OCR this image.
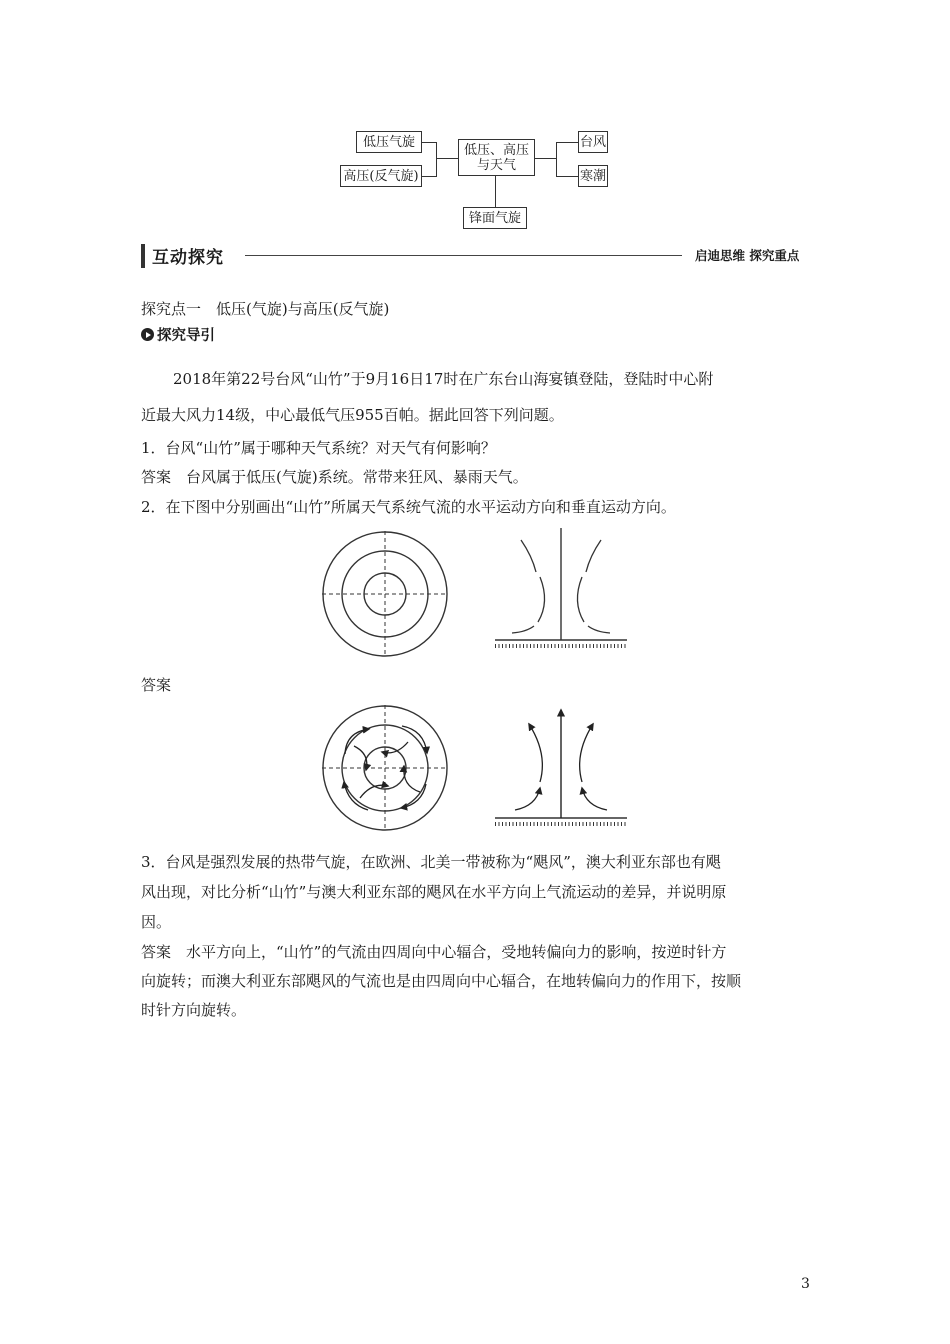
低压气旋
高压(反气旋)
低压、高压与天气
台风
寒潮
锋面气旋
互动探究	启迪思维 探究重点
探究点一　低压(气旋)与高压(反气旋)
探究导引
2018年第22号台风“山竹”于9月16日17时在广东台山海宴镇登陆，登陆时中心附
近最大风力14级，中心最低气压955百帕。据此回答下列问题。
1．台风“山竹”属于哪种天气系统？对天气有何影响？
答案　台风属于低压(气旋)系统。常带来狂风、暴雨天气。
2．在下图中分别画出“山竹”所属天气系统气流的水平运动方向和垂直运动方向。
答案
3．台风是强烈发展的热带气旋，在欧洲、北美一带被称为“飓风”，澳大利亚东部也有飓
风出现，对比分析“山竹”与澳大利亚东部的飓风在水平方向上气流运动的差异，并说明原
因。
答案　水平方向上，“山竹”的气流由四周向中心辐合，受地转偏向力的影响，按逆时针方
向旋转；而澳大利亚东部飓风的气流也是由四周向中心辐合，在地转偏向力的作用下，按顺
时针方向旋转。
3
